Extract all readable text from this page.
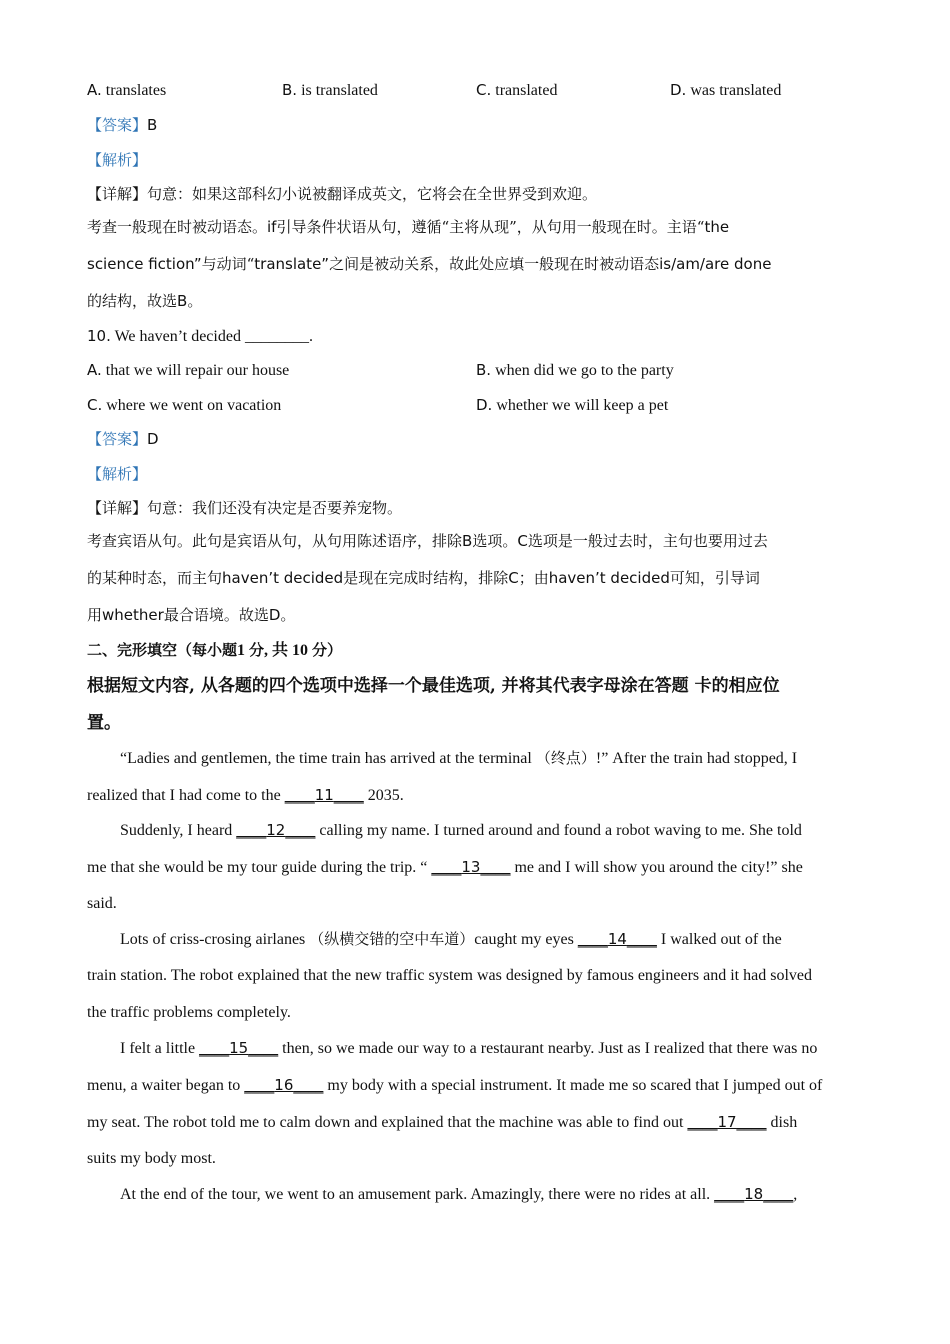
A. translates	B. is translated	C. translated	D. was translated
【答案】B
【解析】
【详解】句意：如果这部科幻小说被翻译成英文，它将会在全世界受到欢迎。
考查一般现在时被动语态。if引导条件状语从句，遵循“主将从现”，从句用一般现在时。主语“the
science fiction”与动词“translate”之间是被动关系，故此处应填一般现在时被动语态is/am/are done
的结构，故选B。
10. We haven’t decided ________.
A. that we will repair our house	B. when did we go to the party
C. where we went on vacation	D. whether we will keep a pet
【答案】D
【解析】
【详解】句意：我们还没有决定是否要养宠物。
考查宾语从句。此句是宾语从句，从句用陈述语序，排除B选项。C选项是一般过去时，主句也要用过去
的某种时态，而主句haven’t decided是现在完成时结构，排除C；由haven’t decided可知，引导词
用whether最合语境。故选D。
二、完形填空（每小题1 分, 共 10 分）
根据短文内容, 从各题的四个选项中选择一个最佳选项, 并将其代表字母涂在答题 卡的相应位
置。
“Ladies and gentlemen, the time train has arrived at the terminal （终点）!” After the train had stopped, I
realized that I had come to the ____11____ 2035.
Suddenly, I heard ____12____ calling my name. I turned around and found a robot waving to me. She told
me that she would be my tour guide during the trip. “ ____13____ me and I will show you around the city!” she
said.
Lots of criss-crosing airlanes （纵横交错的空中车道）caught my eyes ____14____ I walked out of the
train station. The robot explained that the new traffic system was designed by famous engineers and it had solved
the traffic problems completely.
I felt a little ____15____ then, so we made our way to a restaurant nearby. Just as I realized that there was no
menu, a waiter began to ____16____ my body with a special instrument. It made me so scared that I jumped out of
my seat. The robot told me to calm down and explained that the machine was able to find out ____17____ dish
suits my body most.
At the end of the tour, we went to an amusement park. Amazingly, there were no rides at all. ____18____,
